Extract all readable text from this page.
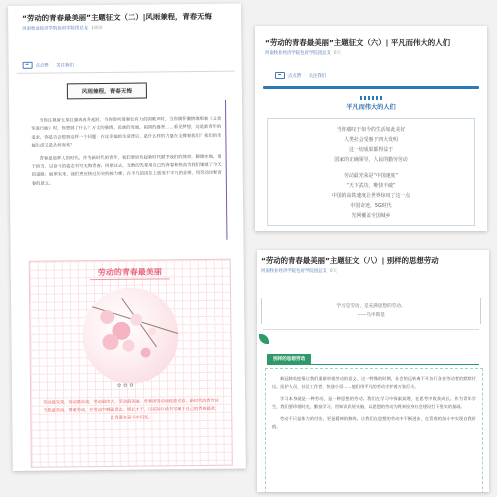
“劳动的青春最美丽”主题征文（二）|风雨兼程，青春无悔
河南牧业经济学院包府学院团总支 1周前
点点赞 · 关注我们
风雨兼程，青春无悔

当你注视着五星红旗冉冉升起时，当你聆听着强壮有力的国歌声时，当你满怀激情地唱着《义勇军进行曲》时，你想到了什么？万丈的豪情，民族的发展，祖国的盛誉……看见梦想，这是新青年的追求，你是否会想到这样一个问题：在这幸福的生活背后，是什么样的力量在支撑着我们？我们的幸福生活又是从何而来？

青春是追梦人的时代。作为新时代的青年，我们要肩负起新时代赋予我们的使命，脚踏实地，勇于担当，以奋斗的姿态书写无悔青春。回望过去，无数的先辈用自己的青春和热血为我们铺就了今天的道路；展望未来，我们更应接过历史的接力棒，在平凡的岗位上创造不平凡的业绩，用劳动诠释青春的意义。

劳动的青春最美丽
✿✿✿
劳动最光荣，劳动最崇高，劳动最伟大，劳动最美丽。青春因劳动而绽放光彩，新时代的青年应当热爱劳动、尊重劳动，在劳动中磨砺意志、增长才干，以实际行动书写属于自己的青春篇章，让青春在奋斗中闪光。
“劳动的青春最美丽”主题征文（六）| 平凡而伟大的人们
河南牧业经济学院包府学院团总支 6天
点点赞 · 关注我们
平凡而伟大的人们
当你感叹于如今的生活如此美好
人类社会受惠于四大发明
这一切成果都得益于
国家的正确领导，人民的勤劳劳动
劳动最光荣是“中国速度”
“天下武功，唯快不破”
中国的高铁速度让世界惊叹了这一点
中国奇迹，5G时代
光网覆盖全国城乡
“劳动的青春最美丽”主题征文（八）| 别样的思想劳动
河南牧业经济学院包府学院团总支 6天
学习是劳动，是充满思想的劳动。
——乌申斯基
别样的思想劳动

新冠肺炎疫情让我们重新审视劳动的意义。这一特殊的时期，社会的运转离不开各行各业劳动者的默默付出。医护人员、社区工作者、快递小哥……他们用平凡的劳动守护着万家灯火。

学习本身就是一种劳动，是一种思想的劳动。我们在学习中探索真理，在思考中收获成长。作为青年学生，我们要珍惜时光，勤奋学习，用知识武装头脑，以思想的劳动为将来投身社会建设打下坚实的基础。

劳动不只是体力的付出，更是精神的修炼。让我们在思想的劳动中不断进步，在青春的奋斗中实现自我价值。
